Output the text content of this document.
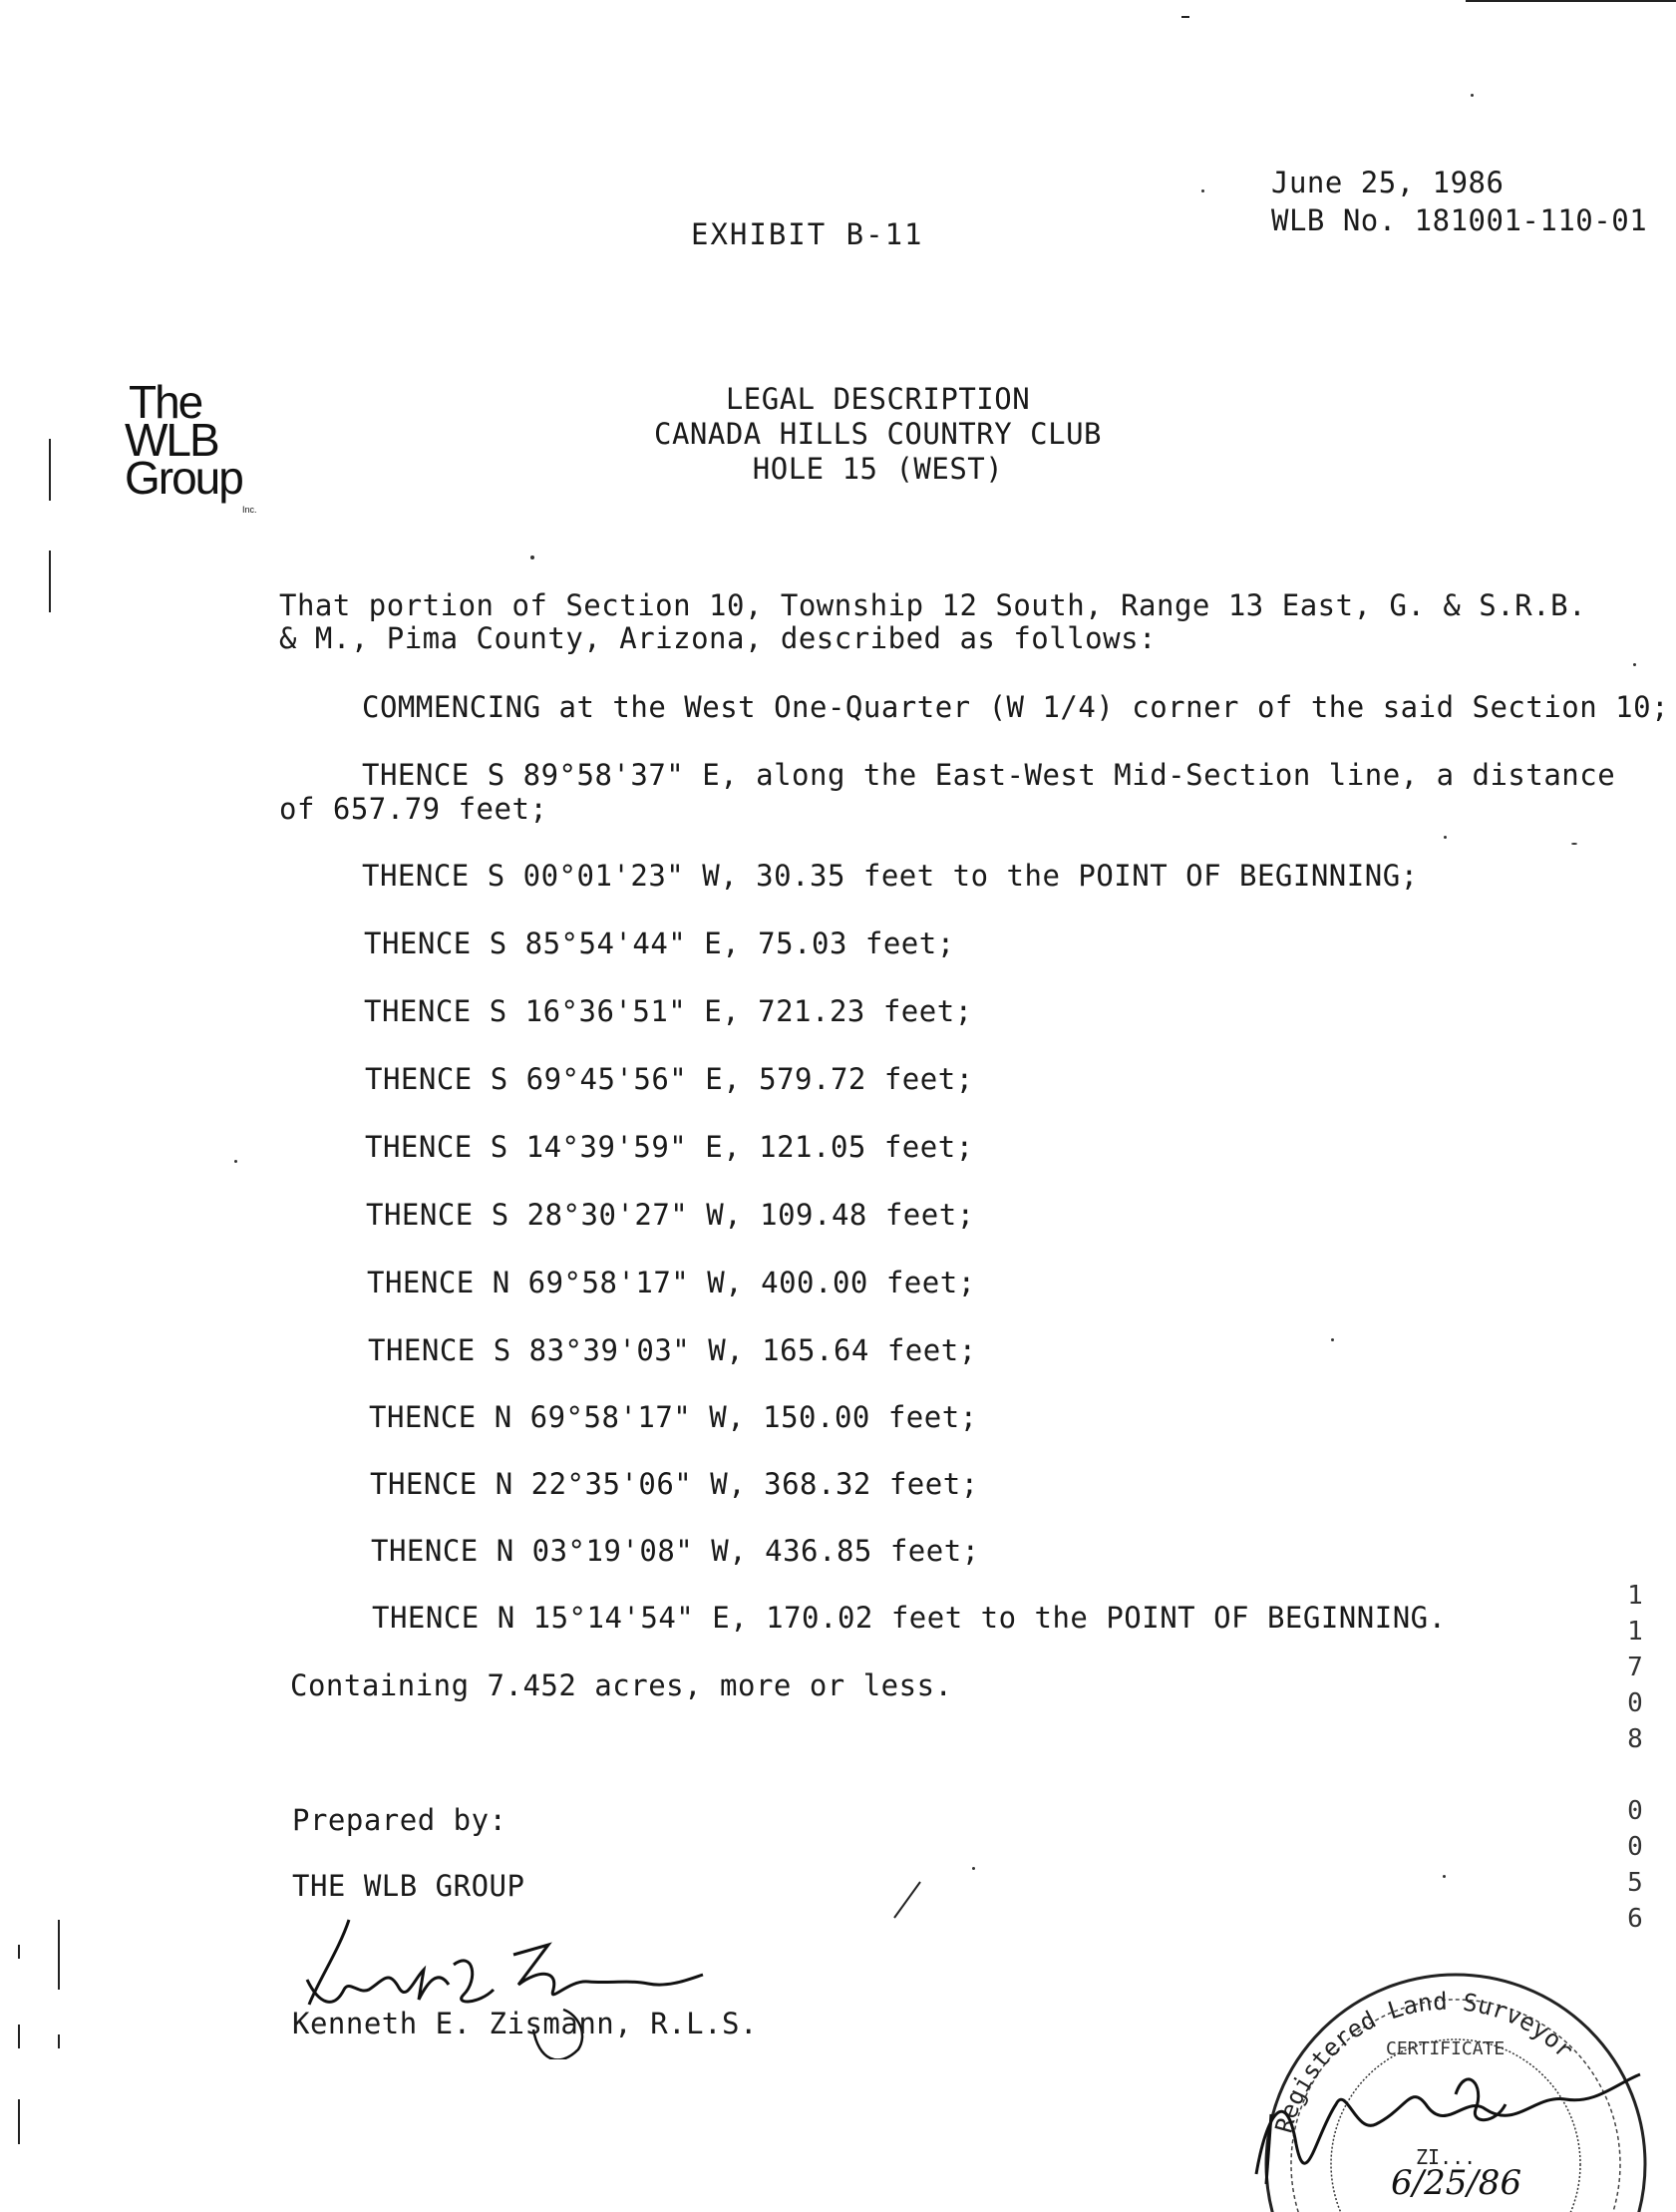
June 25, 1986
WLB No. 181001-110-01
EXHIBIT B-11
The
WLB
Group
Inc.
LEGAL DESCRIPTION
CANADA HILLS COUNTRY CLUB
HOLE 15 (WEST)
That portion of Section 10, Township 12 South, Range 13 East, G. & S.R.B.
& M., Pima County, Arizona, described as follows:
COMMENCING at the West One-Quarter (W 1/4) corner of the said Section 10;
THENCE S 89°58'37" E, along the East-West Mid-Section line, a distance
of 657.79 feet;
THENCE S 00°01'23" W, 30.35 feet to the POINT OF BEGINNING;
THENCE S 85°54'44" E, 75.03 feet;
THENCE S 16°36'51" E, 721.23 feet;
THENCE S 69°45'56" E, 579.72 feet;
THENCE S 14°39'59" E, 121.05 feet;
THENCE S 28°30'27" W, 109.48 feet;
THENCE N 69°58'17" W, 400.00 feet;
THENCE S 83°39'03" W, 165.64 feet;
THENCE N 69°58'17" W, 150.00 feet;
THENCE N 22°35'06" W, 368.32 feet;
THENCE N 03°19'08" W, 436.85 feet;
THENCE N 15°14'54" E, 170.02 feet to the POINT OF BEGINNING.
Containing 7.452 acres, more or less.
Prepared by:
THE WLB GROUP
Kenneth E. Zismann, R.L.S.
Registered Land Surveyor
CERTIFICATE
ZI...
6/25/86
11708 0056
